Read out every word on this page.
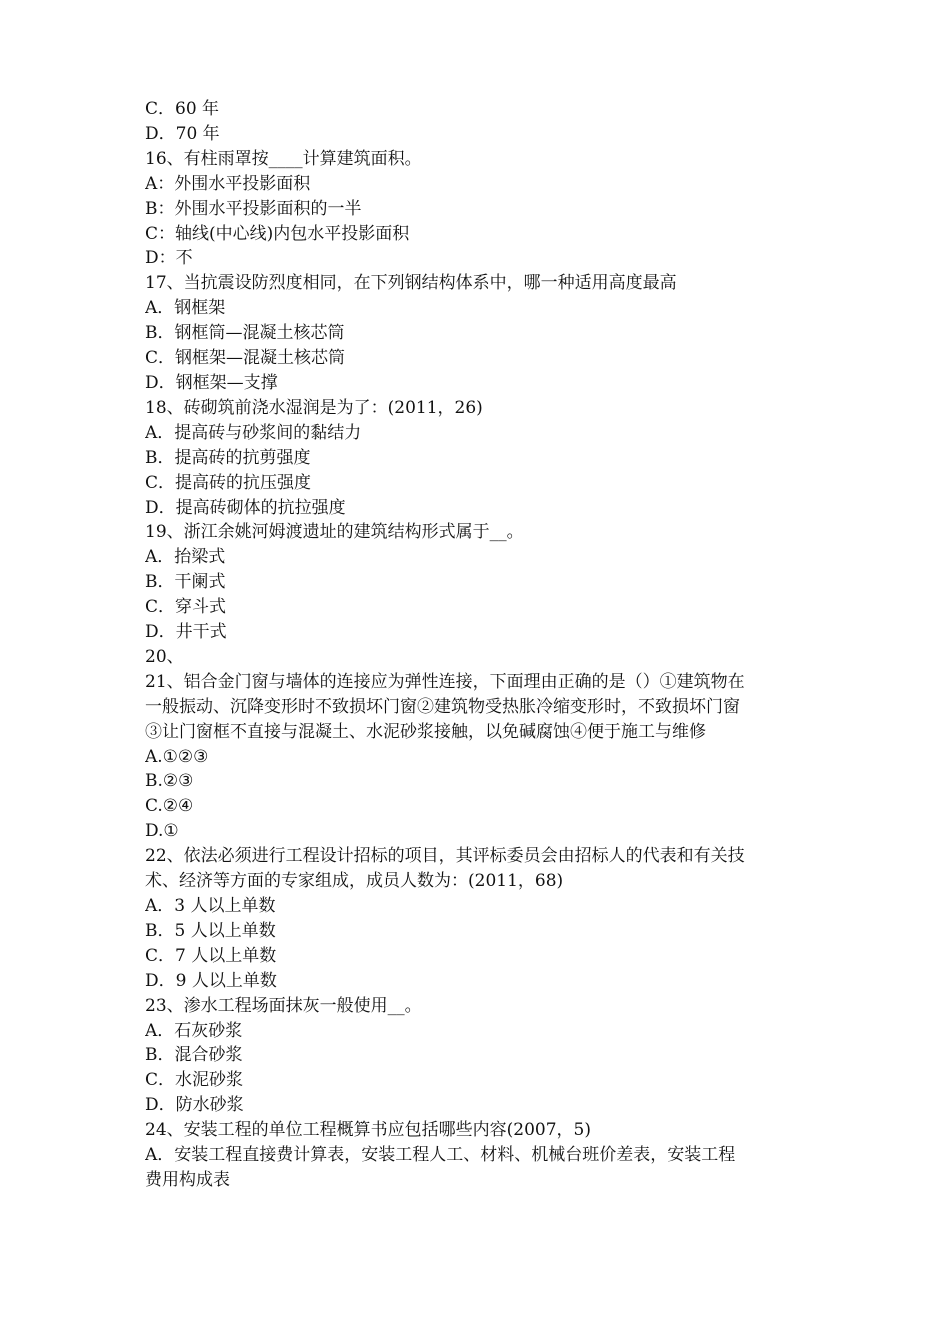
C．60 年
D．70 年
16、有柱雨罩按____计算建筑面积。
A：外围水平投影面积
B：外围水平投影面积的一半
C：轴线(中心线)内包水平投影面积
D：不
17、当抗震设防烈度相同，在下列钢结构体系中，哪一种适用高度最高
A．钢框架
B．钢框筒—混凝土核芯筒
C．钢框架—混凝土核芯筒
D．钢框架—支撑
18、砖砌筑前浇水湿润是为了：(2011，26)
A．提高砖与砂浆间的黏结力
B．提高砖的抗剪强度
C．提高砖的抗压强度
D．提高砖砌体的抗拉强度
19、浙江余姚河姆渡遗址的建筑结构形式属于__。
A．抬梁式
B．干阑式
C．穿斗式
D．井干式
20、
21、铝合金门窗与墙体的连接应为弹性连接，下面理由正确的是（）①建筑物在
一般振动、沉降变形时不致损坏门窗②建筑物受热胀冷缩变形时，不致损坏门窗
③让门窗框不直接与混凝土、水泥砂浆接触，以免碱腐蚀④便于施工与维修
A.①②③
B.②③
C.②④
D.①
22、依法必须进行工程设计招标的项目，其评标委员会由招标人的代表和有关技
术、经济等方面的专家组成，成员人数为：(2011，68)
A．3 人以上单数
B．5 人以上单数
C．7 人以上单数
D．9 人以上单数
23、渗水工程场面抹灰一般使用__。
A．石灰砂浆
B．混合砂浆
C．水泥砂浆
D．防水砂浆
24、安装工程的单位工程概算书应包括哪些内容(2007，5)
A．安装工程直接费计算表，安装工程人工、材料、机械台班价差表，安装工程
费用构成表
